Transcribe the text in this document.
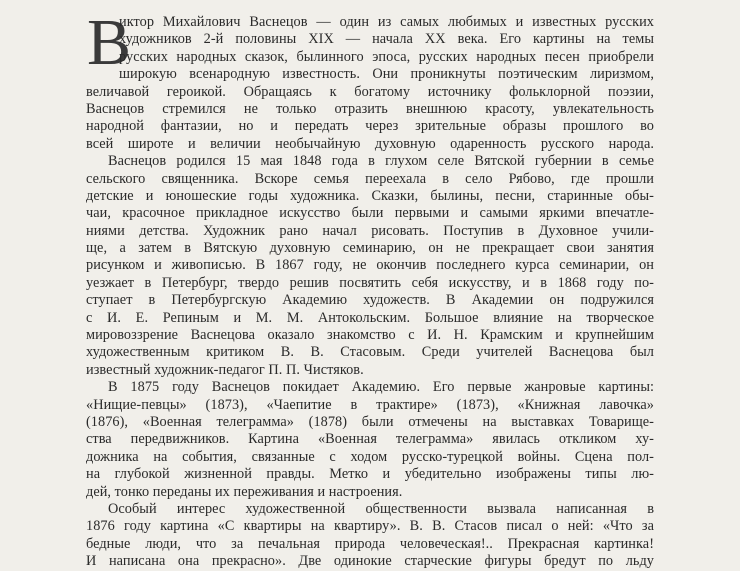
В
иктор Михайлович Васнецов — один из самых любимых и известных русских
художников 2-й половины XIX — начала XX века. Его картины на темы
русских народных сказок, былинного эпоса, русских народных песен приобрели
широкую всенародную известность. Они проникнуты поэтическим лиризмом,
величавой героикой. Обращаясь к богатому источнику фольклорной поэзии,
Васнецов стремился не только отразить внешнюю красоту, увлекательность
народной фантазии, но и передать через зрительные образы прошлого во
всей широте и величии необычайную духовную одаренность русского народа.
Васнецов родился 15 мая 1848 года в глухом селе Вятской губернии в семье
сельского священника. Вскоре семья переехала в село Рябово, где прошли
детские и юношеские годы художника. Сказки, былины, песни, старинные обы-
чаи, красочное прикладное искусство были первыми и самыми яркими впечатле-
ниями детства. Художник рано начал рисовать. Поступив в Духовное учили-
ще, а затем в Вятскую духовную семинарию, он не прекращает свои занятия
рисунком и живописью. В 1867 году, не окончив последнего курса семинарии, он
уезжает в Петербург, твердо решив посвятить себя искусству, и в 1868 году по-
ступает в Петербургскую Академию художеств. В Академии он подружился
с И. Е. Репиным и М. М. Антокольским. Большое влияние на творческое
мировоззрение Васнецова оказало знакомство с И. Н. Крамским и крупнейшим
художественным критиком В. В. Стасовым. Среди учителей Васнецова был
известный художник-педагог П. П. Чистяков.
В 1875 году Васнецов покидает Академию. Его первые жанровые картины:
«Нищие-певцы» (1873), «Чаепитие в трактире» (1873), «Книжная лавочка»
(1876), «Военная телеграмма» (1878) были отмечены на выставках Товарище-
ства передвижников. Картина «Военная телеграмма» явилась откликом ху-
дожника на события, связанные с ходом русско-турецкой войны. Сцена пол-
на глубокой жизненной правды. Метко и убедительно изображены типы лю-
дей, тонко переданы их переживания и настроения.
Особый интерес художественной общественности вызвала написанная в
1876 году картина «С квартиры на квартиру». В. В. Стасов писал о ней: «Что за
бедные люди, что за печальная природа человеческая!.. Прекрасная картинка!
И написана она прекрасно». Две одинокие старческие фигуры бредут по льду
